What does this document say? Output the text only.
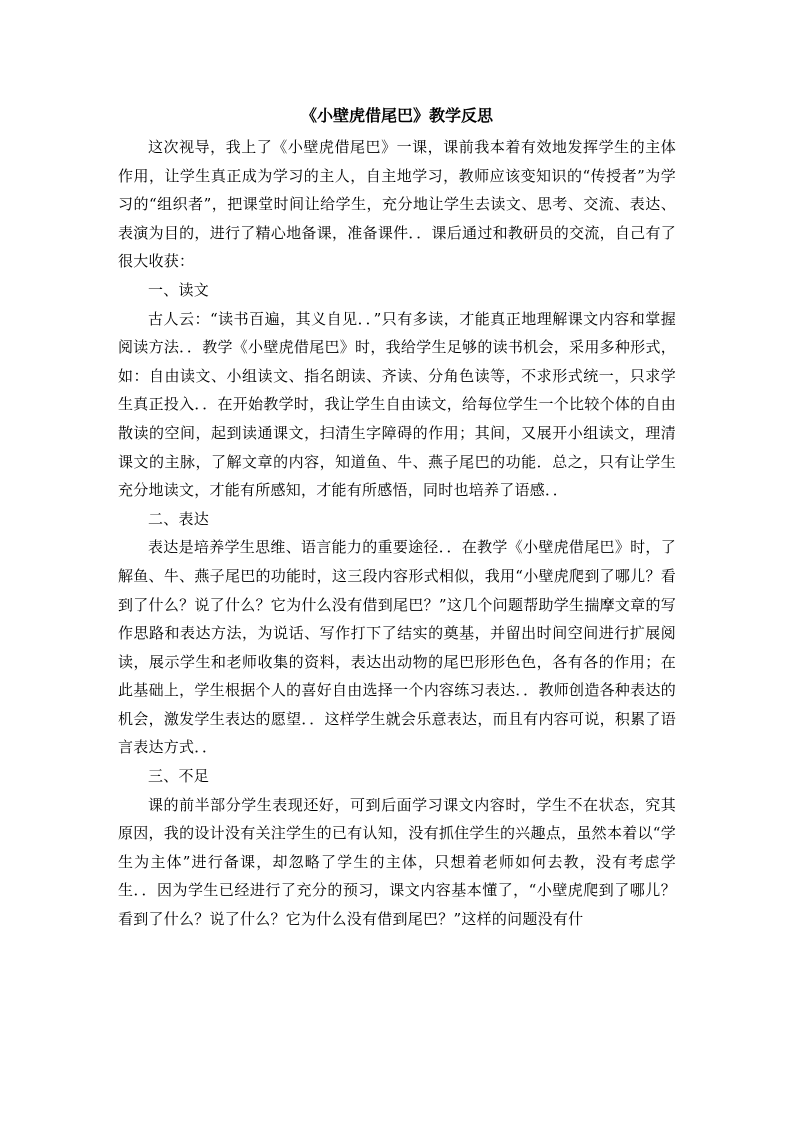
《小壁虎借尾巴》教学反思

这次视导，我上了《小壁虎借尾巴》一课，课前我本着有效地发挥学生的主体作用，让学生真正成为学习的主人，自主地学习，教师应该变知识的“传授者”为学习的“组织者”，把课堂时间让给学生，充分地让学生去读文、思考、交流、表达、表演为目的，进行了精心地备课，准备课件．．课后通过和教研员的交流，自己有了很大收获：

一、读文

古人云：“读书百遍，其义自见．．”只有多读，才能真正地理解课文内容和掌握阅读方法．．教学《小壁虎借尾巴》时，我给学生足够的读书机会，采用多种形式，如：自由读文、小组读文、指名朗读、齐读、分角色读等，不求形式统一，只求学生真正投入．．在开始教学时，我让学生自由读文，给每位学生一个比较个体的自由散读的空间，起到读通课文，扫清生字障碍的作用；其间，又展开小组读文，理清课文的主脉，了解文章的内容，知道鱼、牛、燕子尾巴的功能．总之，只有让学生充分地读文，才能有所感知，才能有所感悟，同时也培养了语感．．

二、表达

表达是培养学生思维、语言能力的重要途径．．在教学《小壁虎借尾巴》时，了解鱼、牛、燕子尾巴的功能时，这三段内容形式相似，我用“小壁虎爬到了哪儿？看到了什么？说了什么？它为什么没有借到尾巴？”这几个问题帮助学生揣摩文章的写作思路和表达方法，为说话、写作打下了结实的奠基，并留出时间空间进行扩展阅读，展示学生和老师收集的资料，表达出动物的尾巴形形色色，各有各的作用；在此基础上，学生根据个人的喜好自由选择一个内容练习表达．．教师创造各种表达的机会，激发学生表达的愿望．．这样学生就会乐意表达，而且有内容可说，积累了语言表达方式．．

三、不足

课的前半部分学生表现还好，可到后面学习课文内容时，学生不在状态，究其原因，我的设计没有关注学生的已有认知，没有抓住学生的兴趣点，虽然本着以“学生为主体”进行备课，却忽略了学生的主体，只想着老师如何去教，没有考虑学生．．因为学生已经进行了充分的预习，课文内容基本懂了，“小壁虎爬到了哪儿？看到了什么？说了什么？它为什么没有借到尾巴？”这样的问题没有什
